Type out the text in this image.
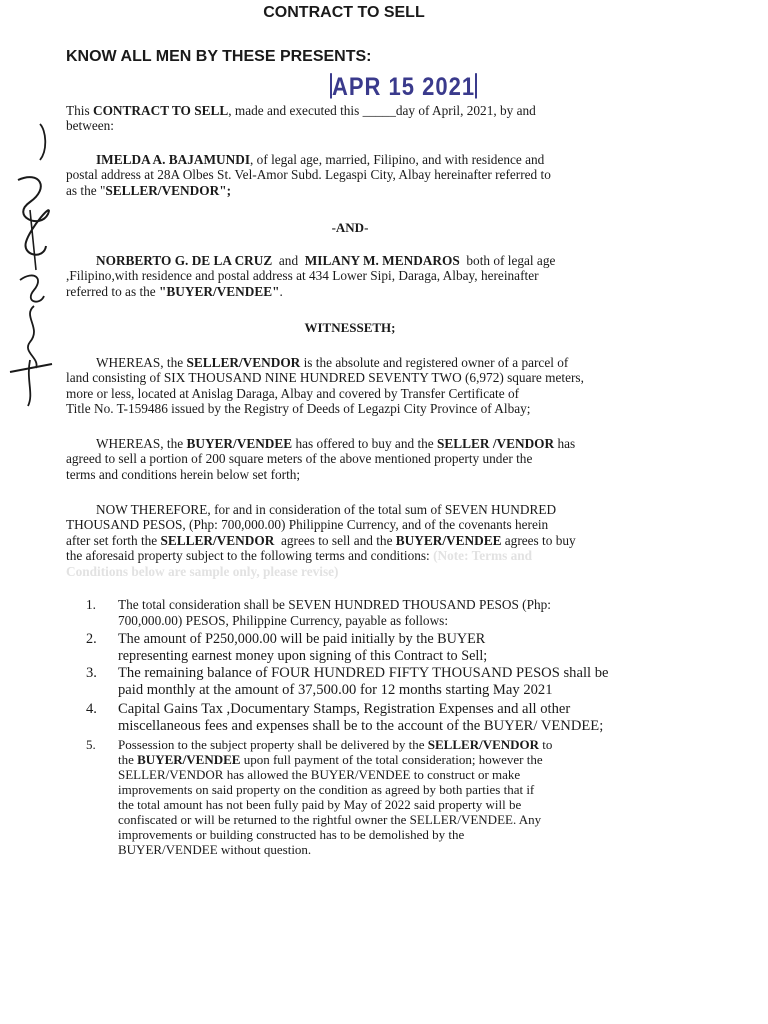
CONTRACT TO SELL
KNOW ALL MEN BY THESE PRESENTS:
APR 15 2021
This CONTRACT TO SELL, made and executed this _____day of April, 2021, by and
between:
IMELDA A. BAJAMUNDI, of legal age, married, Filipino, and with residence and
postal address at 28A Olbes St. Vel-Amor Subd. Legaspi City, Albay hereinafter referred to
as the "SELLER/VENDOR";
-AND-
NORBERTO G. DE LA CRUZ  and  MILANY M. MENDAROS  both of legal age
,Filipino,with residence and postal address at 434 Lower Sipi, Daraga, Albay, hereinafter
referred to as the "BUYER/VENDEE".
WITNESSETH;
WHEREAS, the SELLER/VENDOR is the absolute and registered owner of a parcel of
land consisting of SIX THOUSAND NINE HUNDRED SEVENTY TWO (6,972) square meters,
more or less, located at Anislag Daraga, Albay and covered by Transfer Certificate of
Title No. T-159486 issued by the Registry of Deeds of Legazpi City Province of Albay;
WHEREAS, the BUYER/VENDEE has offered to buy and the SELLER /VENDOR has
agreed to sell a portion of 200 square meters of the above mentioned property under the
terms and conditions herein below set forth;
NOW THEREFORE, for and in consideration of the total sum of SEVEN HUNDRED
THOUSAND PESOS, (Php: 700,000.00) Philippine Currency, and of the covenants herein
after set forth the SELLER/VENDOR  agrees to sell and the BUYER/VENDEE agrees to buy
the aforesaid property subject to the following terms and conditions: (Note: Terms and
Conditions below are sample only, please revise)
1. The total consideration shall be SEVEN HUNDRED THOUSAND PESOS (Php:
700,000.00) PESOS, Philippine Currency, payable as follows:
2. The amount of P250,000.00 will be paid initially by the BUYER
representing earnest money upon signing of this Contract to Sell;
3. The remaining balance of FOUR HUNDRED FIFTY THOUSAND PESOS shall be
paid monthly at the amount of 37,500.00 for 12 months starting May 2021
4. Capital Gains Tax ,Documentary Stamps, Registration Expenses and all other
miscellaneous fees and expenses shall be to the account of the BUYER/ VENDEE;
5. Possession to the subject property shall be delivered by the SELLER/VENDOR to
the BUYER/VENDEE upon full payment of the total consideration; however the
SELLER/VENDOR has allowed the BUYER/VENDEE to construct or make
improvements on said property on the condition as agreed by both parties that if
the total amount has not been fully paid by May of 2022 said property will be
confiscated or will be returned to the rightful owner the SELLER/VENDEE. Any
improvements or building constructed has to be demolished by the
BUYER/VENDEE without question.
